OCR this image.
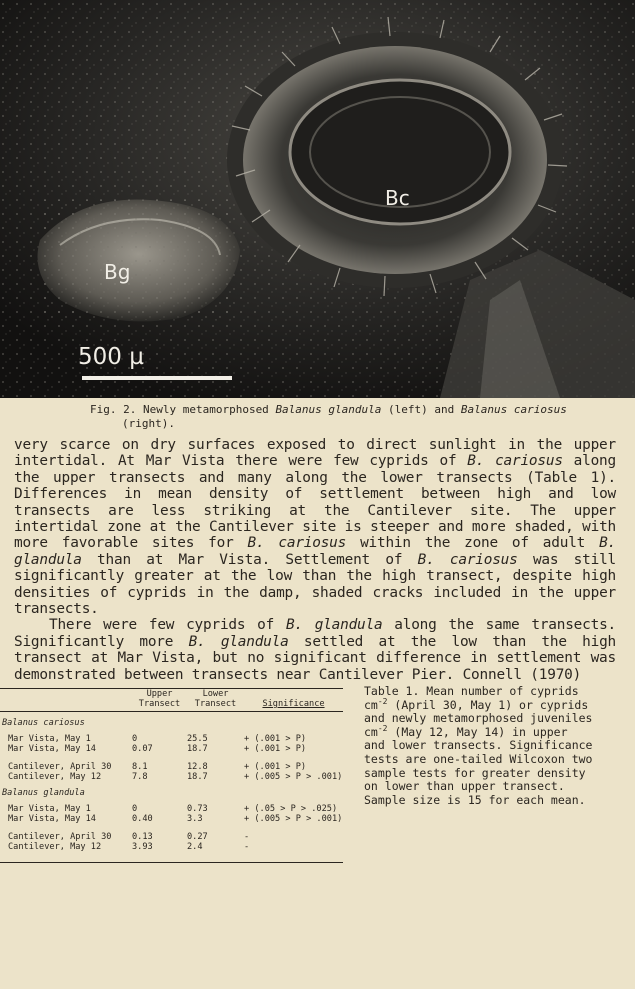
Bc
Bg
500 µ

Fig. 2. Newly metamorphosed Balanus glandula (left) and Balanus cariosus (right).

very scarce on dry surfaces exposed to direct sunlight in the upper intertidal. At Mar Vista there were few cyprids of B. cariosus along the upper transects and many along the lower transects (Table 1). Differences in mean density of settlement between high and low transects are less striking at the Cantilever site. The upper intertidal zone at the Cantilever site is steeper and more shaded, with more favorable sites for B. cariosus within the zone of adult B. glandula than at Mar Vista. Settlement of B. cariosus was still significantly greater at the low than the high transect, despite high densities of cyprids in the damp, shaded cracks included in the upper transects.

There were few cyprids of B. glandula along the same transects. Significantly more B. glandula settled at the low than the high transect at Mar Vista, but no significant difference in settlement was demonstrated between transects near Cantilever Pier. Connell (1970)

	Upper	Lower	
	Transect	Transect	Significance
Balanus cariosus			
Mar Vista, May 1	0	25.5	+ (.001 > P)
Mar Vista, May 14	0.07	18.7	+ (.001 > P)

Cantilever, April 30	8.1	12.8	+ (.001 > P)
Cantilever, May 12	7.8	18.7	+ (.005 > P > .001)
Balanus glandula			
Mar Vista, May 1	0	0.73	+ (.05 > P > .025)
Mar Vista, May 14	0.40	3.3	+ (.005 > P > .001)

Cantilever, April 30	0.13	0.27	-
Cantilever, May 12	3.93	2.4	-

Table 1. Mean number of cyprids $cm^{-2}$ (April 30, May 1) or cyprids and newly metamorphosed juveniles $cm^{-2}$ (May 12, May 14) in upper and lower transects. Significance tests are one-tailed Wilcoxon two sample tests for greater density on lower than upper transect. Sample size is 15 for each mean.
